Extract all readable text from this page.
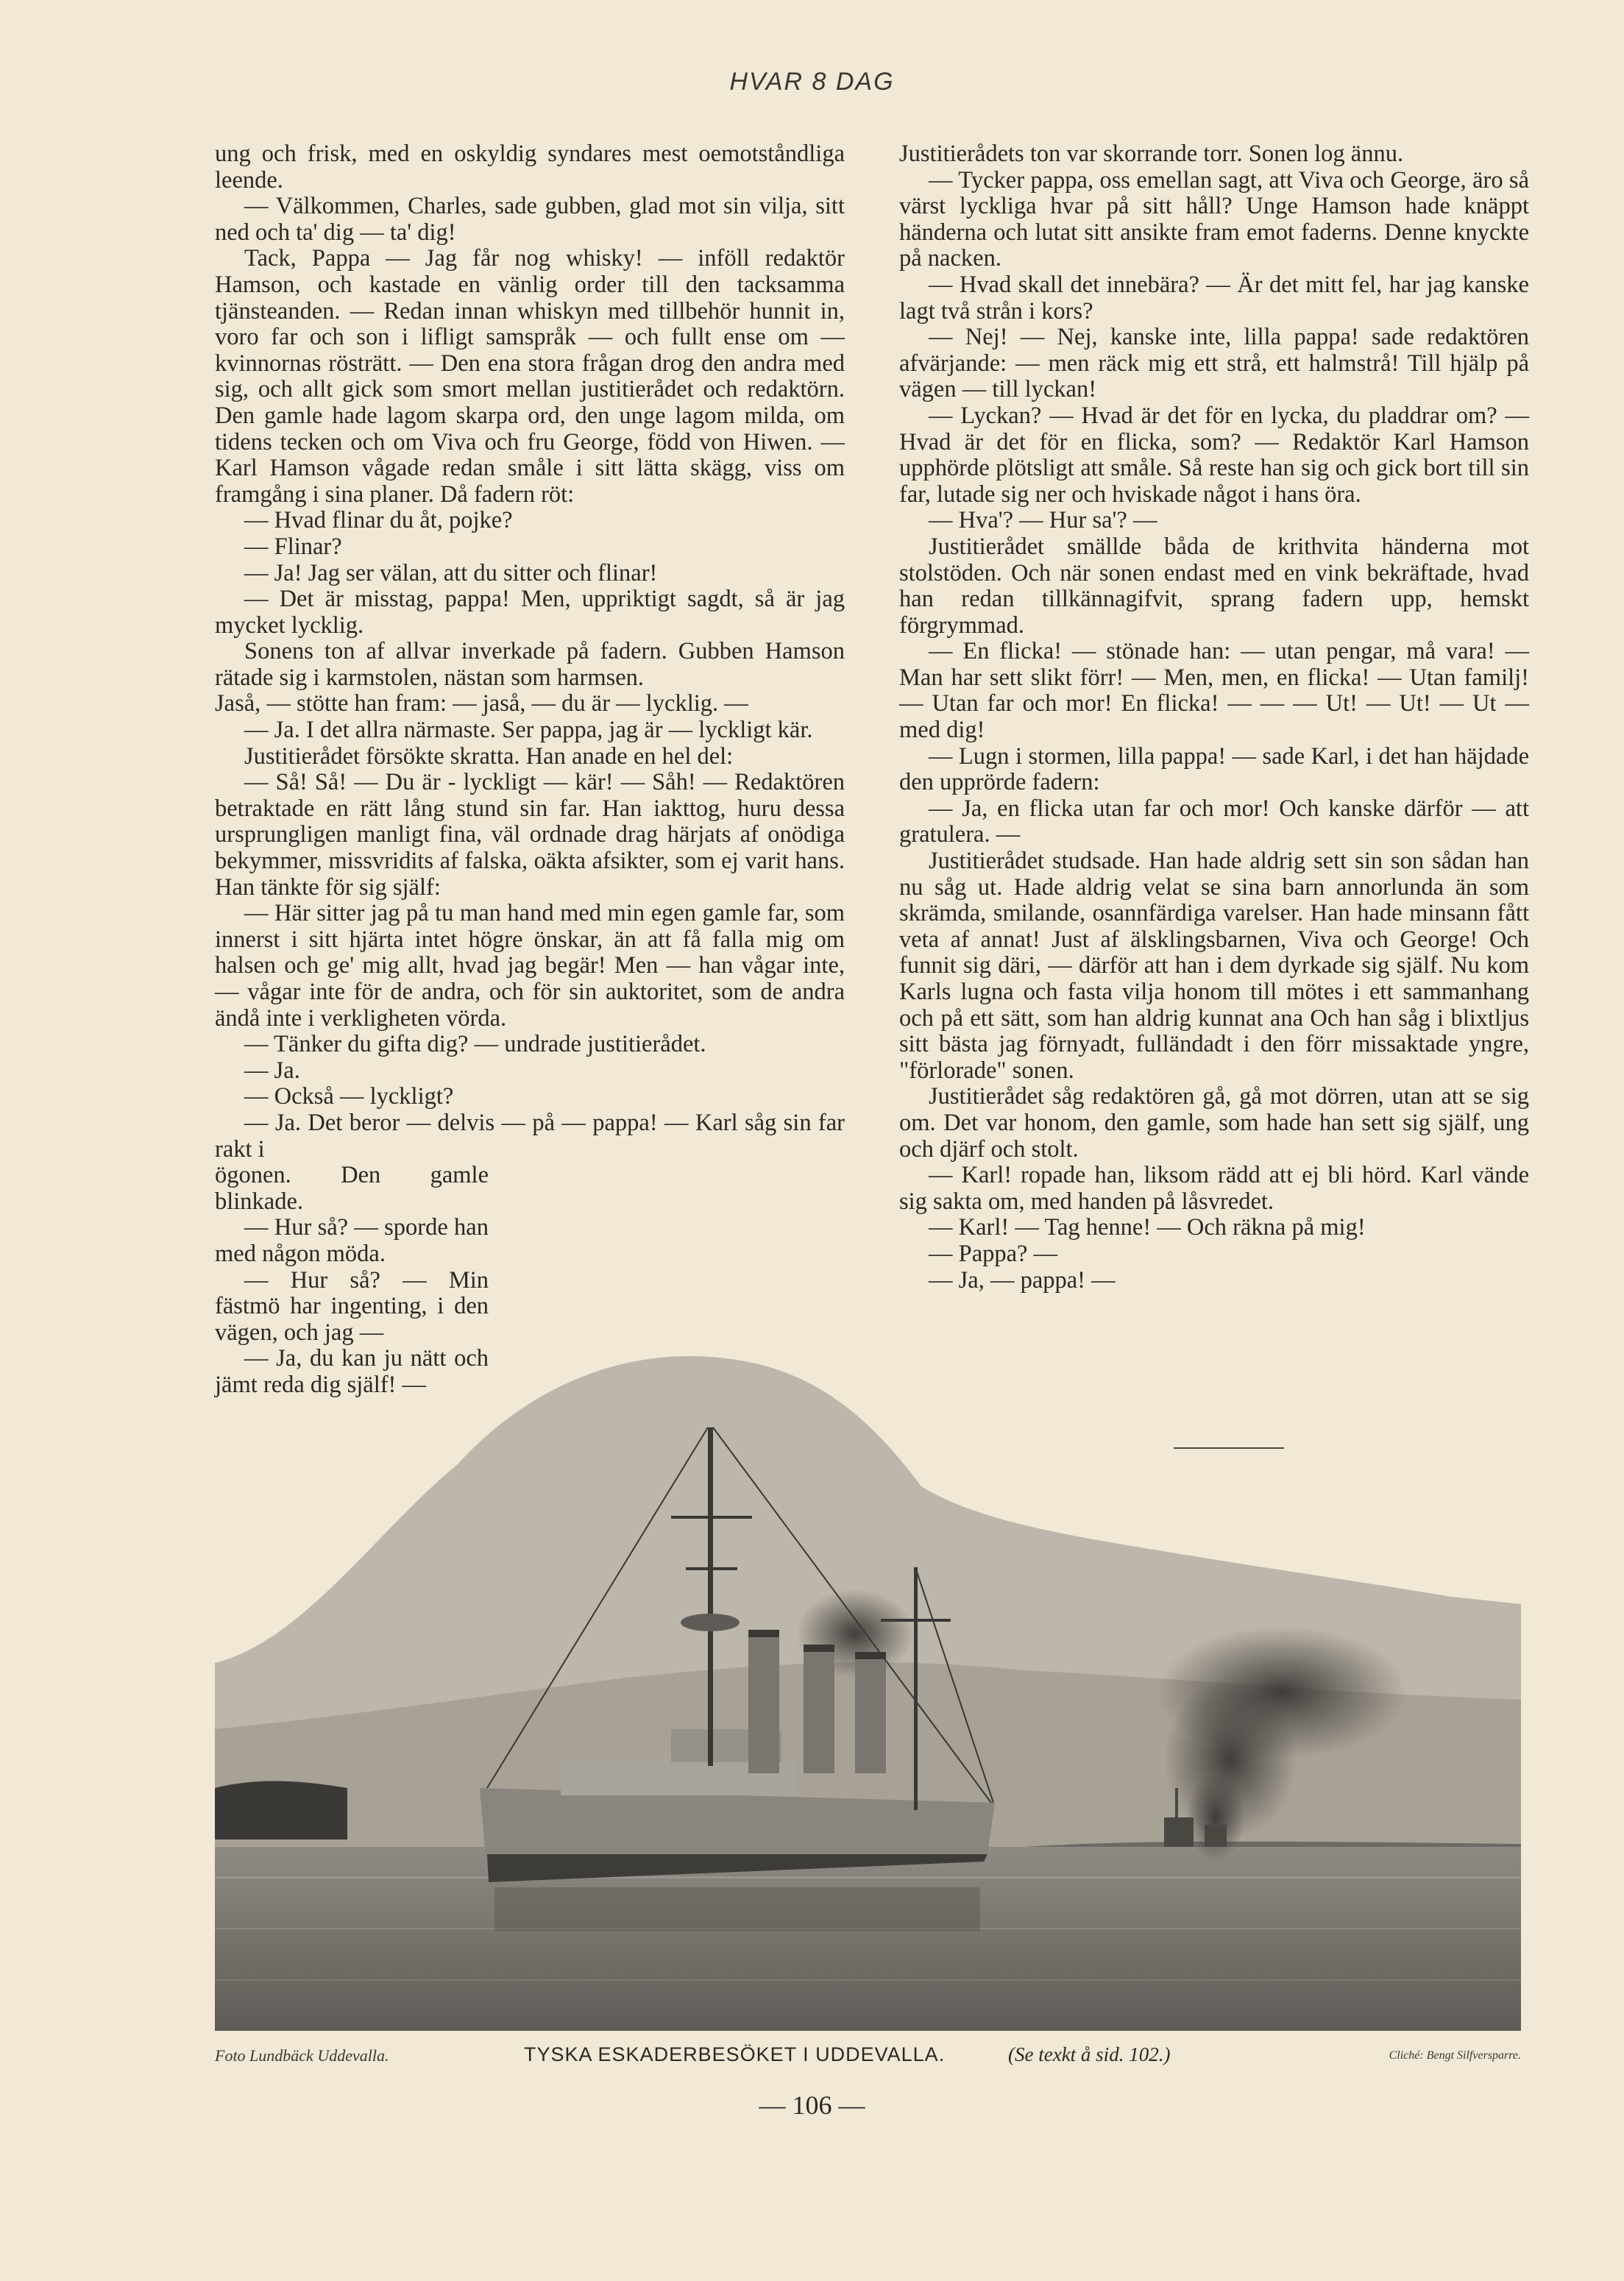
HVAR 8 DAG

ung och frisk, med en oskyldig syndares mest oemotståndliga leende.

— Välkommen, Charles, sade gubben, glad mot sin vilja, sitt ned och ta' dig — ta' dig!

Tack, Pappa — Jag får nog whisky! — inföll redaktör Hamson, och kastade en vänlig order till den tacksamma tjänsteanden. — Redan innan whiskyn med tillbehör hunnit in, voro far och son i lifligt samspråk — och fullt ense om — kvinnornas rösträtt. — Den ena stora frågan drog den andra med sig, och allt gick som smort mellan justitierådet och redaktörn. Den gamle hade lagom skarpa ord, den unge lagom milda, om tidens tecken och om Viva och fru George, född von Hiwen. — Karl Hamson vågade redan småle i sitt lätta skägg, viss om framgång i sina planer. Då fadern röt:

— Hvad flinar du åt, pojke?

— Flinar?

— Ja! Jag ser välan, att du sitter och flinar!

— Det är misstag, pappa! Men, uppriktigt sagdt, så är jag mycket lycklig.

Sonens ton af allvar inverkade på fadern. Gubben Hamson rätade sig i karmstolen, nästan som harmsen.

Jaså, — stötte han fram: — jaså, — du är — lycklig. —

— Ja. I det allra närmaste. Ser pappa, jag är — lyckligt kär.

Justitierådet försökte skratta. Han anade en hel del:

— Så! Så! — Du är - lyckligt — kär! — Såh! — Redaktören betraktade en rätt lång stund sin far. Han iakttog, huru dessa ursprungligen manligt fina, väl ordnade drag härjats af onödiga bekymmer, missvridits af falska, oäkta afsikter, som ej varit hans. Han tänkte för sig själf:

— Här sitter jag på tu man hand med min egen gamle far, som innerst i sitt hjärta intet högre önskar, än att få falla mig om halsen och ge' mig allt, hvad jag begär! Men — han vågar inte, — vågar inte för de andra, och för sin auktoritet, som de andra ändå inte i verkligheten vörda.

— Tänker du gifta dig? — undrade justitierådet.

— Ja.

— Också — lyckligt?

— Ja. Det beror — delvis — på — pappa! — Karl såg sin far rakt i

ögonen. Den gamle blinkade.

— Hur så? — sporde han med någon möda.

— Hur så? — Min fästmö har ingenting, i den vägen, och jag —

— Ja, du kan ju nätt och jämt reda dig själf! —

Justitierådets ton var skorrande torr. Sonen log ännu.

— Tycker pappa, oss emellan sagt, att Viva och George, äro så värst lyckliga hvar på sitt håll? Unge Hamson hade knäppt händerna och lutat sitt ansikte fram emot faderns. Denne knyckte på nacken.

— Hvad skall det innebära? — Är det mitt fel, har jag kanske lagt två strån i kors?

— Nej! — Nej, kanske inte, lilla pappa! sade redaktören afvärjande: — men räck mig ett strå, ett halmstrå! Till hjälp på vägen — till lyckan!

— Lyckan? — Hvad är det för en lycka, du pladdrar om? — Hvad är det för en flicka, som? — Redaktör Karl Hamson upphörde plötsligt att småle. Så reste han sig och gick bort till sin far, lutade sig ner och hviskade något i hans öra.

— Hva'? — Hur sa'? —

Justitierådet smällde båda de krithvita händerna mot stolstöden. Och när sonen endast med en vink bekräftade, hvad han redan tillkännagifvit, sprang fadern upp, hemskt förgrymmad.

— En flicka! — stönade han: — utan pengar, må vara! — Man har sett slikt förr! — Men, men, en flicka! — Utan familj! — Utan far och mor! En flicka! — — — Ut! — Ut! — Ut — med dig!

— Lugn i stormen, lilla pappa! — sade Karl, i det han häjdade den upprörde fadern:

— Ja, en flicka utan far och mor! Och kanske därför — att gratulera. —

Justitierådet studsade. Han hade aldrig sett sin son sådan han nu såg ut. Hade aldrig velat se sina barn annorlunda än som skrämda, smilande, osannfärdiga varelser. Han hade minsann fått veta af annat! Just af älsklingsbarnen, Viva och George! Och funnit sig däri, — därför att han i dem dyrkade sig själf. Nu kom Karls lugna och fasta vilja honom till mötes i ett sammanhang och på ett sätt, som han aldrig kunnat ana Och han såg i blixtljus sitt bästa jag förnyadt, fulländadt i den förr missaktade yngre, "förlorade" sonen.

Justitierådet såg redaktören gå, gå mot dörren, utan att se sig om. Det var honom, den gamle, som hade han sett sig själf, ung och djärf och stolt.

— Karl! ropade han, liksom rädd att ej bli hörd. Karl vände sig sakta om, med handen på låsvredet.

— Karl! — Tag henne! — Och räkna på mig!

— Pappa? —

— Ja, — pappa! —

Foto Lundbäck Uddevalla.	TYSKA ESKADERBESÖKET I UDDEVALLA.	(Se texkt å sid. 102.)	Cliché: Bengt Silfversparre.
— 106 —
